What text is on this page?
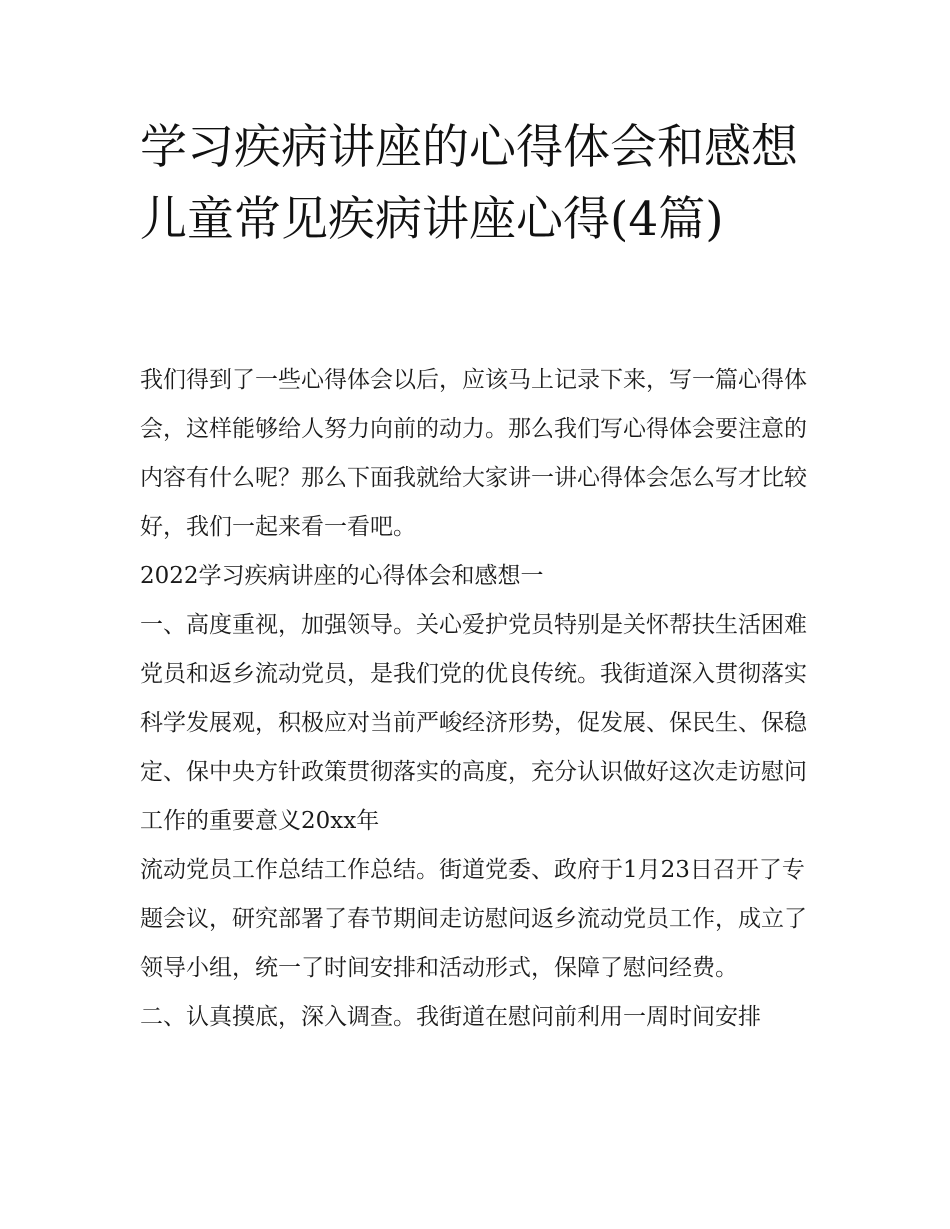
学习疾病讲座的心得体会和感想 儿童常见疾病讲座心得(4篇)

我们得到了一些心得体会以后，应该马上记录下来，写一篇心得体会，这样能够给人努力向前的动力。那么我们写心得体会要注意的内容有什么呢？那么下面我就给大家讲一讲心得体会怎么写才比较好，我们一起来看一看吧。

2022学习疾病讲座的心得体会和感想一

一、高度重视，加强领导。关心爱护党员特别是关怀帮扶生活困难党员和返乡流动党员，是我们党的优良传统。我街道深入贯彻落实科学发展观，积极应对当前严峻经济形势，促发展、保民生、保稳定、保中央方针政策贯彻落实的高度，充分认识做好这次走访慰问工作的重要意义20xx年

流动党员工作总结工作总结。街道党委、政府于1月23日召开了专题会议，研究部署了春节期间走访慰问返乡流动党员工作，成立了领导小组，统一了时间安排和活动形式，保障了慰问经费。

二、认真摸底，深入调查。我街道在慰问前利用一周时间安排
